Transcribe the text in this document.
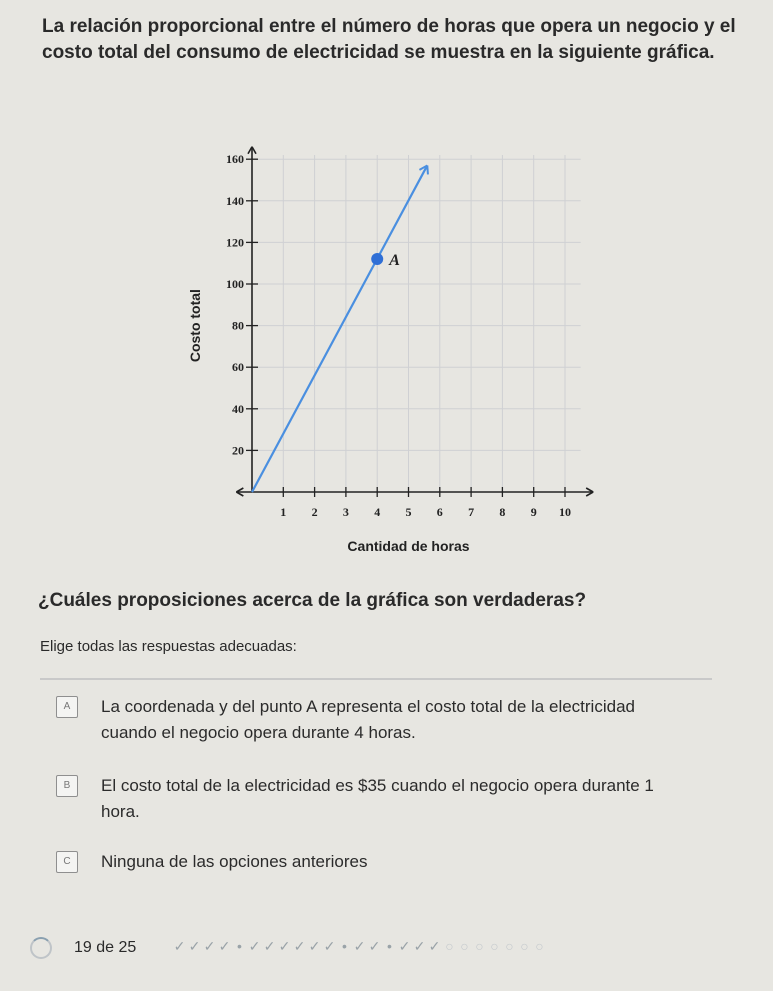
La relación proporcional entre el número de horas que opera un negocio y el costo total del consumo de electricidad se muestra en la siguiente gráfica.
1 2 3 4 5 6 7 8 9 10
20
40
60
80
100
120
140
160
Cantidad de horas
Costo total
A
¿Cuáles proposiciones acerca de la gráfica son verdaderas?
Elige todas las respuestas adecuadas:
A	La coordenada y del punto A representa el costo total de la electricidad cuando el negocio opera durante 4 horas.
B	El costo total de la electricidad es $35 cuando el negocio opera durante 1 hora.
C	Ninguna de las opciones anteriores
19 de 25	✓ ✓ ✓ ✓ • ✓ ✓ ✓ ✓ ✓ ✓ • ✓ ✓ • ✓ ✓ ✓ ○ ○ ○ ○ ○ ○ ○
